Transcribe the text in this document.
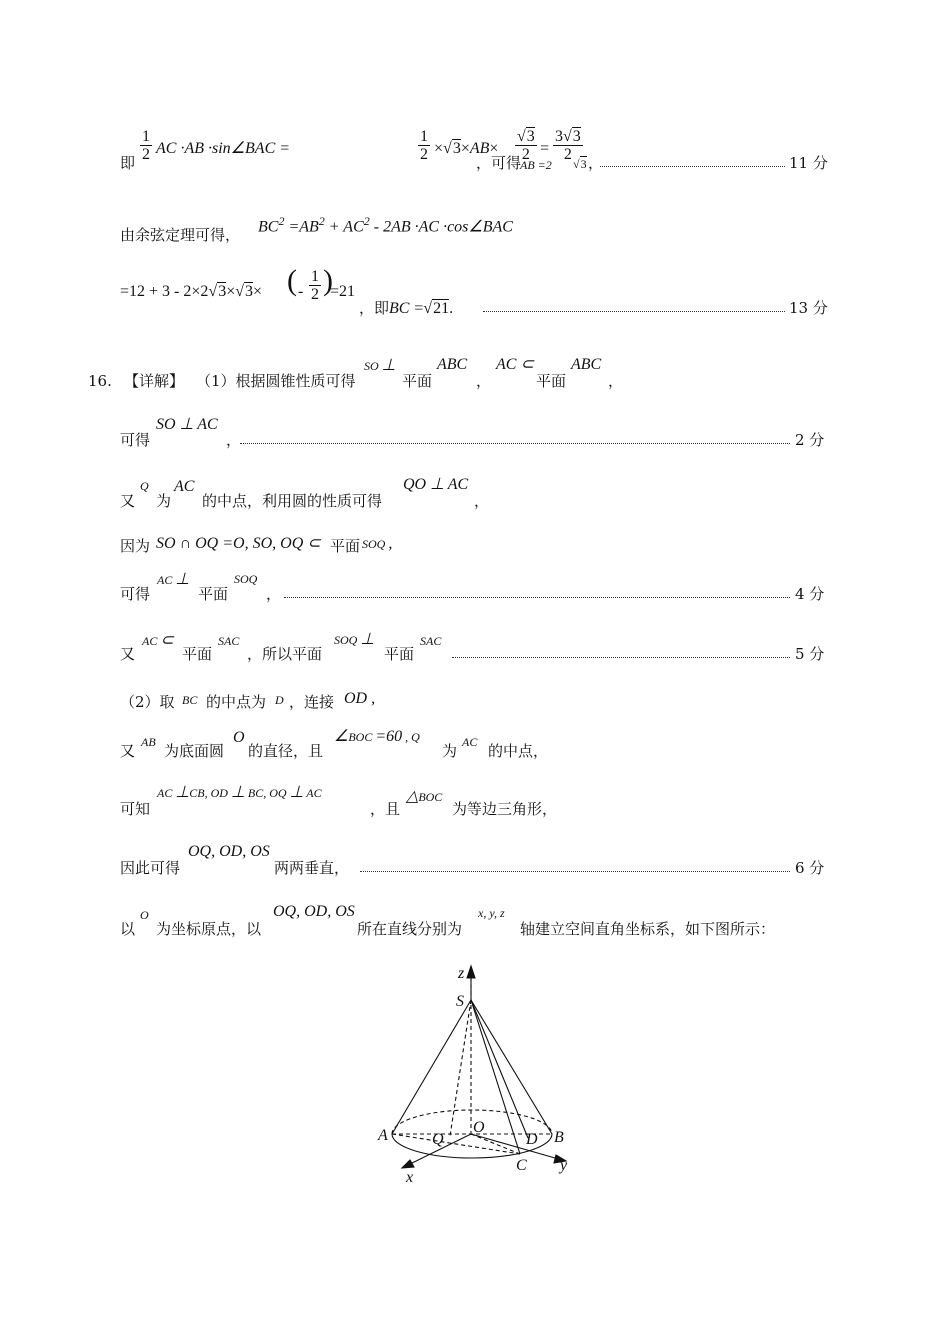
即 $\frac{1}{2}$ AC ·AB ·sin∠BAC =	$\frac{1}{2} \times√3\times AB\times \frac{√3}{2} = \frac{3√3}{2}$
，可得
AB =2 √3 ，	11 分
由余弦定理可得， $BC^2 =AB^2 + AC^2 - 2AB \cdot AC$ ·cos∠BAC
=12 + 3 - 2×2√3×√3× ( - $\frac{1}{2}$ )
=21
，即BC =√21.	13 分
16. 【详解】 （1）根据圆锥性质可得
SO ⊥
平面
ABC
，
AC ⊂
平面
ABC
，
可得
SO ⊥ AC
，	2 分
又
Q
为
AC
的中点，利用圆的性质可得
QO ⊥ AC
，
因为 SO ∩ OQ =O, SO, OQ ⊂ 平面 SOQ ,
可得
AC ⊥
平面
SOQ
，	4 分
又
AC ⊂
平面
SAC
，所以平面
SOQ ⊥
平面
SAC
5 分
（2）取 BC 的中点为 D ，连接 OD ,
又 AB 为底面圆
O
的直径，且
∠BOC =60 , Q
为 AC 的中点，
可知
AC ⊥CB, OD ⊥ BC, OQ ⊥ AC
，且
△BOC
为等边三角形，
因此可得
OQ, OD, OS
两两垂直，	6 分
以
O
为坐标原点，以
OQ, OD, OS
所在直线分别为
x, y, z
轴建立空间直角坐标系，如下图所示：
z
S
A	Q
O
D B
C
x
y
